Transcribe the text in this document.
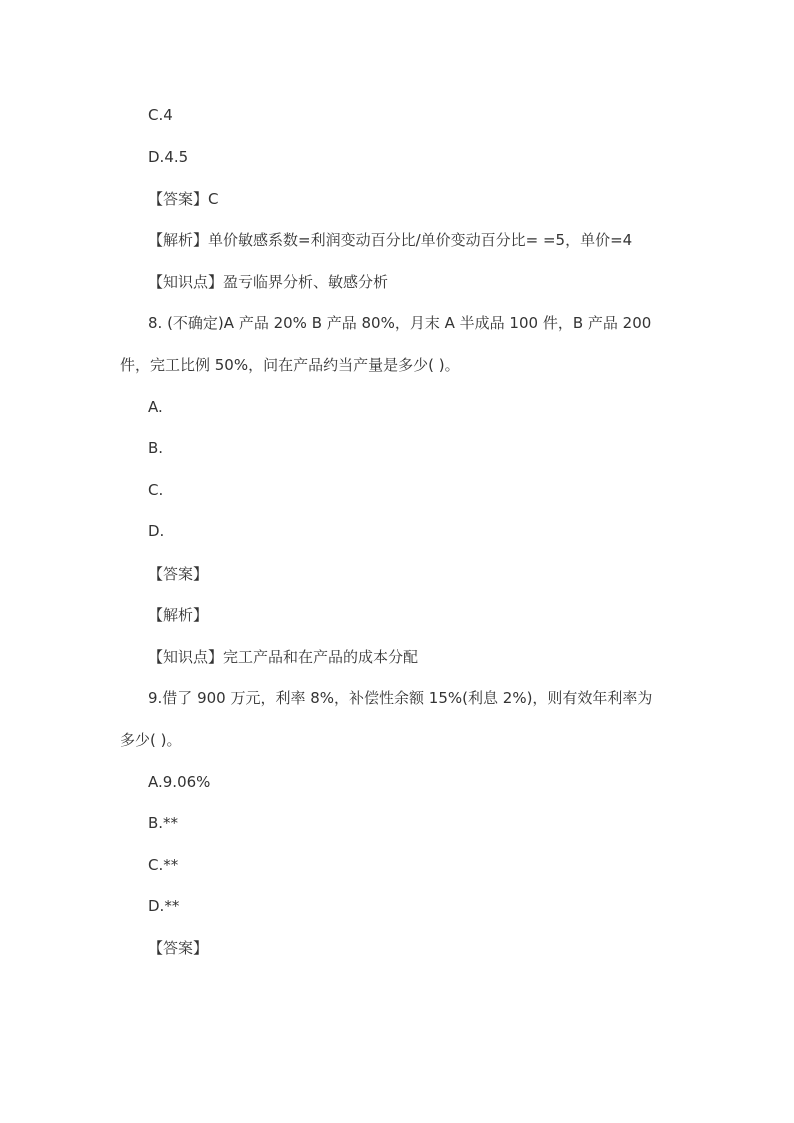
C.4
D.4.5
【答案】C
【解析】单价敏感系数=利润变动百分比/单价变动百分比= =5，单价=4
【知识点】盈亏临界分析、敏感分析
8. (不确定)A 产品 20% B 产品 80%，月末 A 半成品 100 件，B 产品 200
件，完工比例 50%，问在产品约当产量是多少( )。
A.
B.
C.
D.
【答案】
【解析】
【知识点】完工产品和在产品的成本分配
9.借了 900 万元，利率 8%，补偿性余额 15%(利息 2%)，则有效年利率为
多少( )。
A.9.06%
B.**
C.**
D.**
【答案】
